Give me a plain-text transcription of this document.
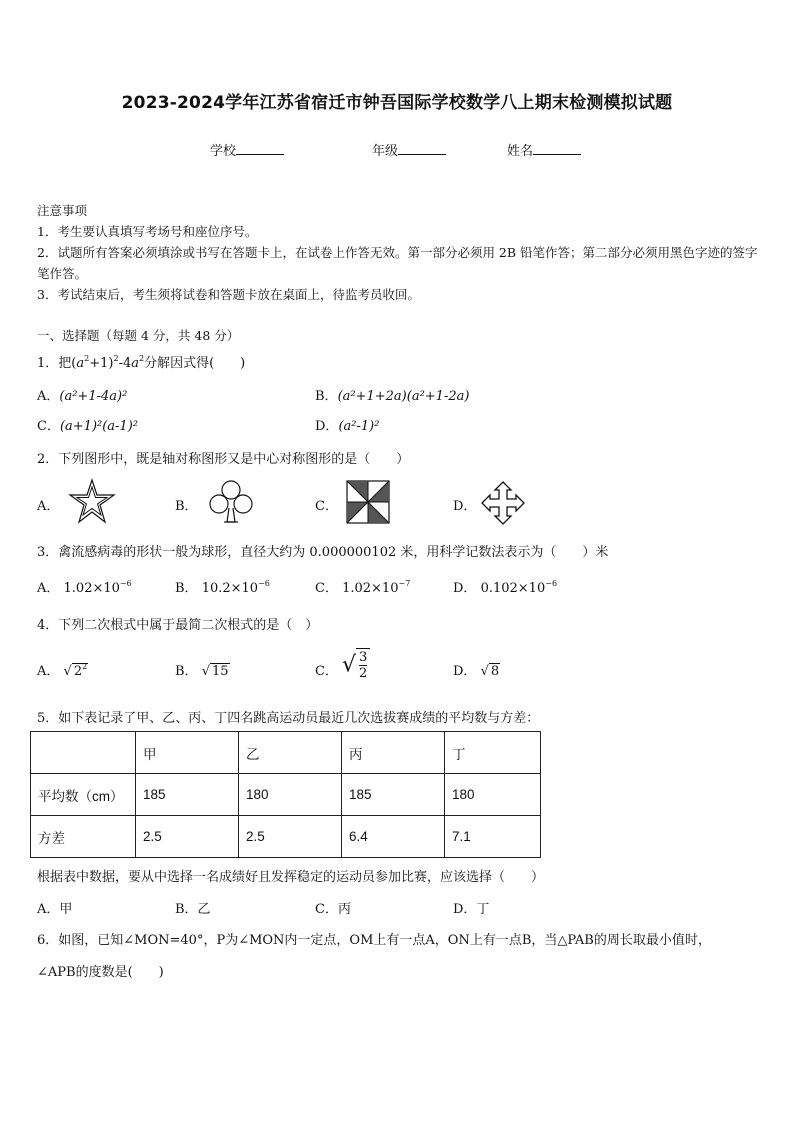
2023-2024学年江苏省宿迁市钟吾国际学校数学八上期末检测模拟试题
学校	年级	姓名
注意事项
1．考生要认真填写考场号和座位序号。
2．试题所有答案必须填涂或书写在答题卡上，在试卷上作答无效。第一部分必须用 2B 铅笔作答；第二部分必须用黑色字迹的签字笔作答。
3．考试结束后，考生须将试卷和答题卡放在桌面上，待监考员收回。
一、选择题（每题 4 分，共 48 分）
1．把$(a^2+1)^2-4a^2$分解因式得(　　)
A．(a²+1-4a)²	B．(a²+1+2a)(a²+1-2a)
C．(a+1)²(a-1)²	D．(a²-1)²
2．下列图形中，既是轴对称图形又是中心对称图形的是（　　）
A．	B．	C．	D．
3．禽流感病毒的形状一般为球形，直径大约为 0.000000102 米，用科学记数法表示为（　　）米
A． $1.02\times 10^{-6}$	B． $10.2\times 10^{-6}$	C． $1.02\times 10^{-7}$	D． $0.102\times 10^{-6}$
4．下列二次根式中属于最简二次根式的是（　）
A． √ $2^2$	B． √ 15	C． √ $\frac{3}{2}$	D． √ 8
5．如下表记录了甲、乙、丙、丁四名跳高运动员最近几次选拔赛成绩的平均数与方差：
	甲	乙	丙	丁
平均数（cm）	185	180	185	180
方差	2.5	2.5	6.4	7.1
根据表中数据，要从中选择一名成绩好且发挥稳定的运动员参加比赛，应该选择（　　）
A．甲	B．乙	C．丙	D．丁
6．如图，已知∠MON=40°，P为∠MON内一定点，OM上有一点A，ON上有一点B，当△PAB的周长取最小值时，
∠APB的度数是(　　)
